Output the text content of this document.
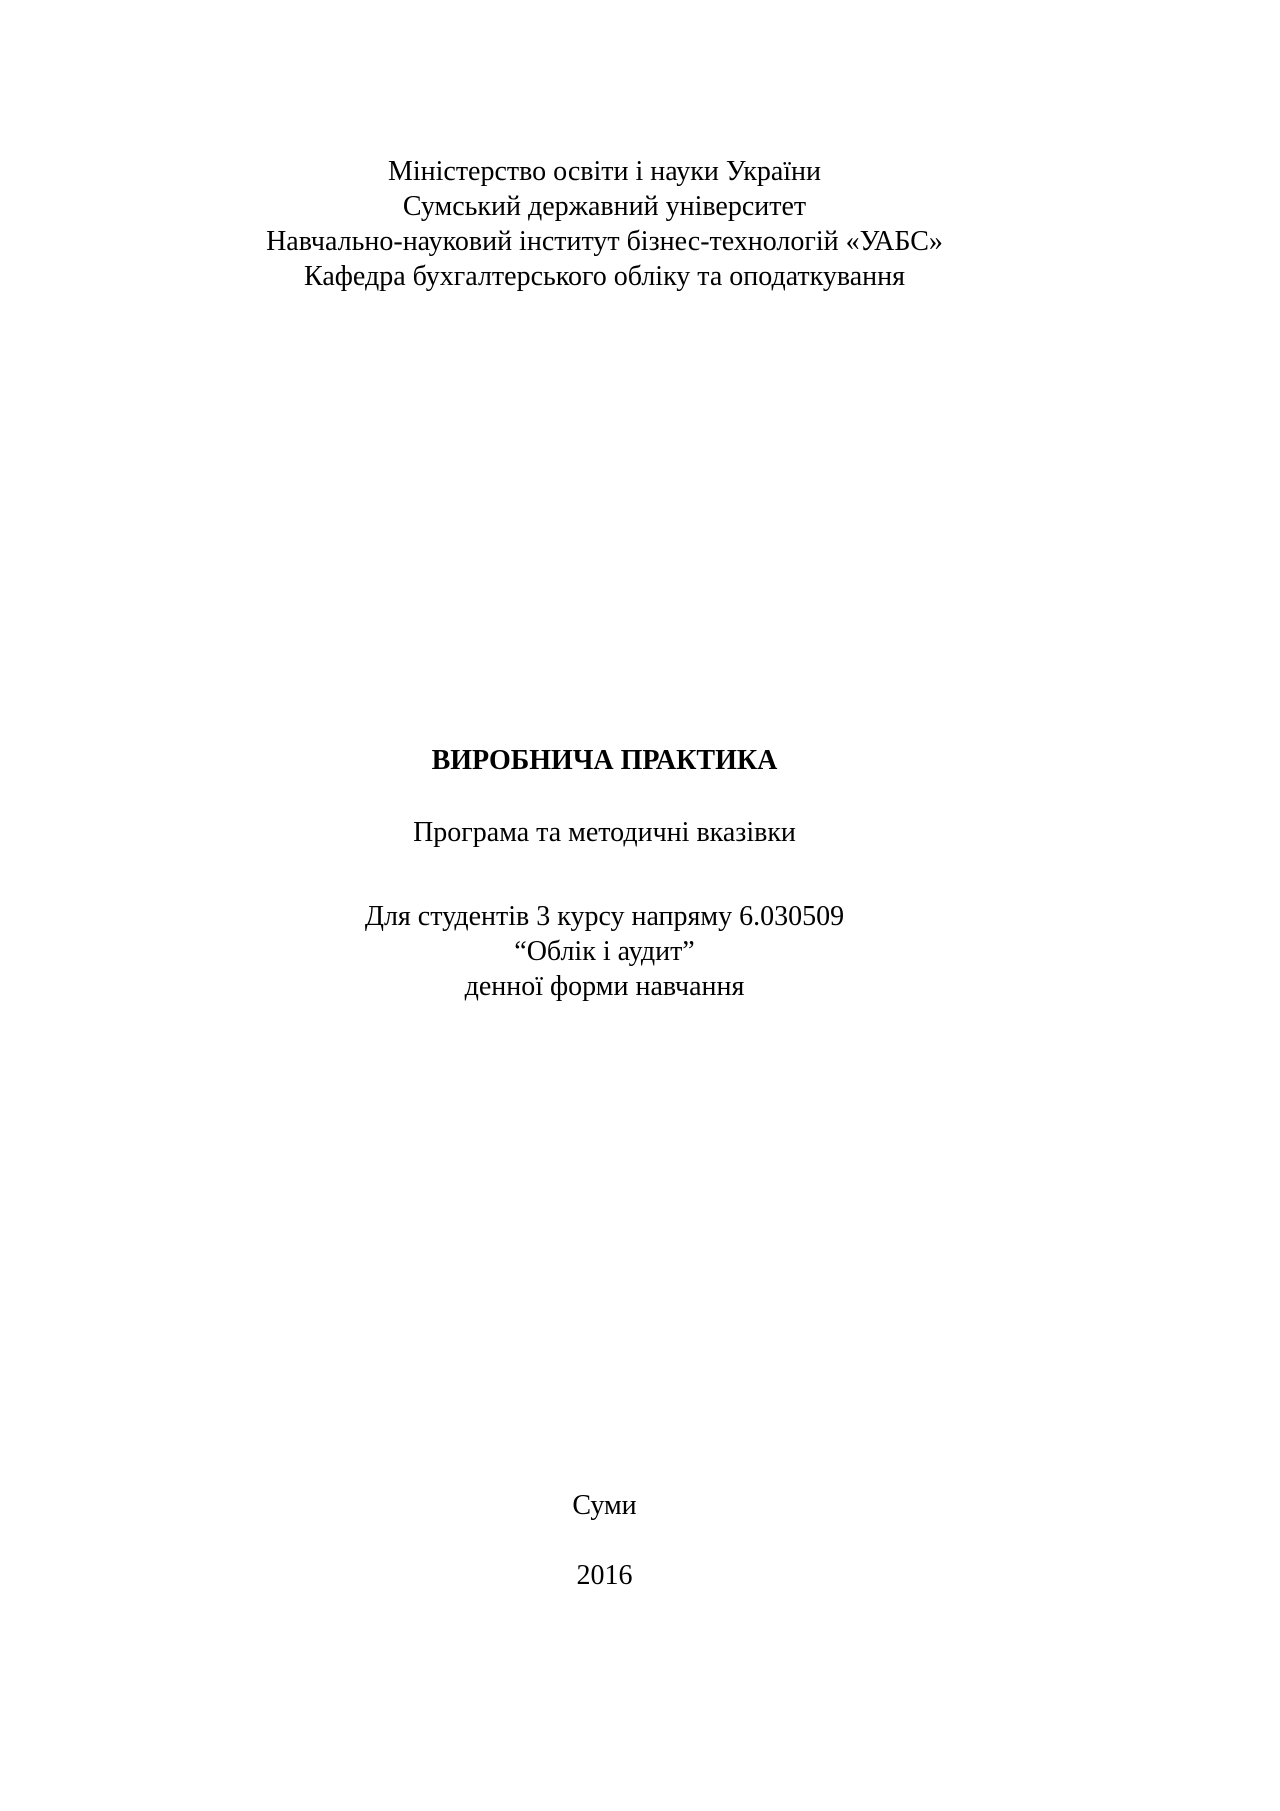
Міністерство освіти і науки України
Сумський державний університет
Навчально-науковий інститут бізнес-технологій «УАБС»
Кафедра бухгалтерського обліку та оподаткування
ВИРОБНИЧА ПРАКТИКА
Програма та методичні вказівки
Для студентів 3 курсу напряму 6.030509
“Облік і аудит”
денної форми навчання
Суми
2016
